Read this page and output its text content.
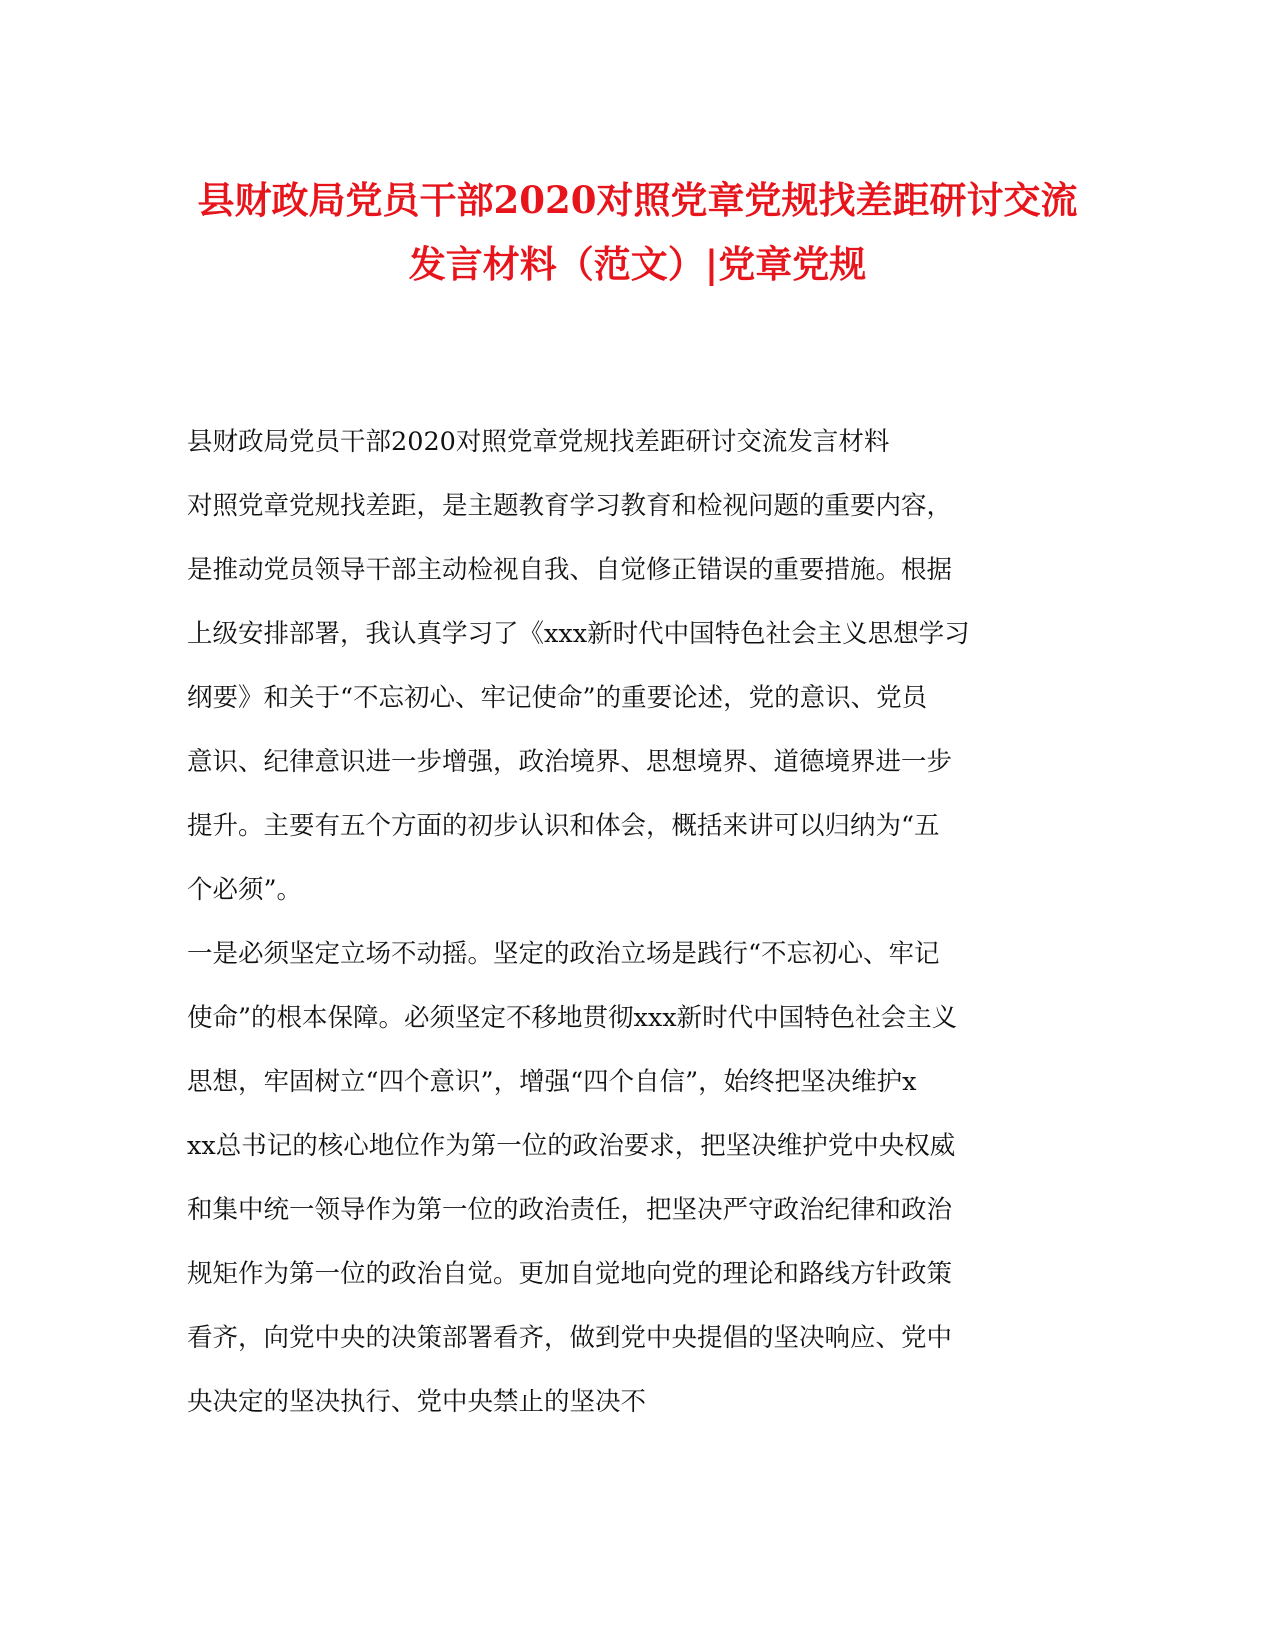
县财政局党员干部2020对照党章党规找差距研讨交流
发言材料（范文）|党章党规
县财政局党员干部2020对照党章党规找差距研讨交流发言材料
对照党章党规找差距，是主题教育学习教育和检视问题的重要内容，
是推动党员领导干部主动检视自我、自觉修正错误的重要措施。根据
上级安排部署，我认真学习了《xxx新时代中国特色社会主义思想学习
纲要》和关于“不忘初心、牢记使命”的重要论述，党的意识、党员
意识、纪律意识进一步增强，政治境界、思想境界、道德境界进一步
提升。主要有五个方面的初步认识和体会，概括来讲可以归纳为“五
个必须”。
一是必须坚定立场不动摇。坚定的政治立场是践行“不忘初心、牢记
使命”的根本保障。必须坚定不移地贯彻xxx新时代中国特色社会主义
思想，牢固树立“四个意识”，增强“四个自信”，始终把坚决维护x
xx总书记的核心地位作为第一位的政治要求，把坚决维护党中央权威
和集中统一领导作为第一位的政治责任，把坚决严守政治纪律和政治
规矩作为第一位的政治自觉。更加自觉地向党的理论和路线方针政策
看齐，向党中央的决策部署看齐，做到党中央提倡的坚决响应、党中
央决定的坚决执行、党中央禁止的坚决不
